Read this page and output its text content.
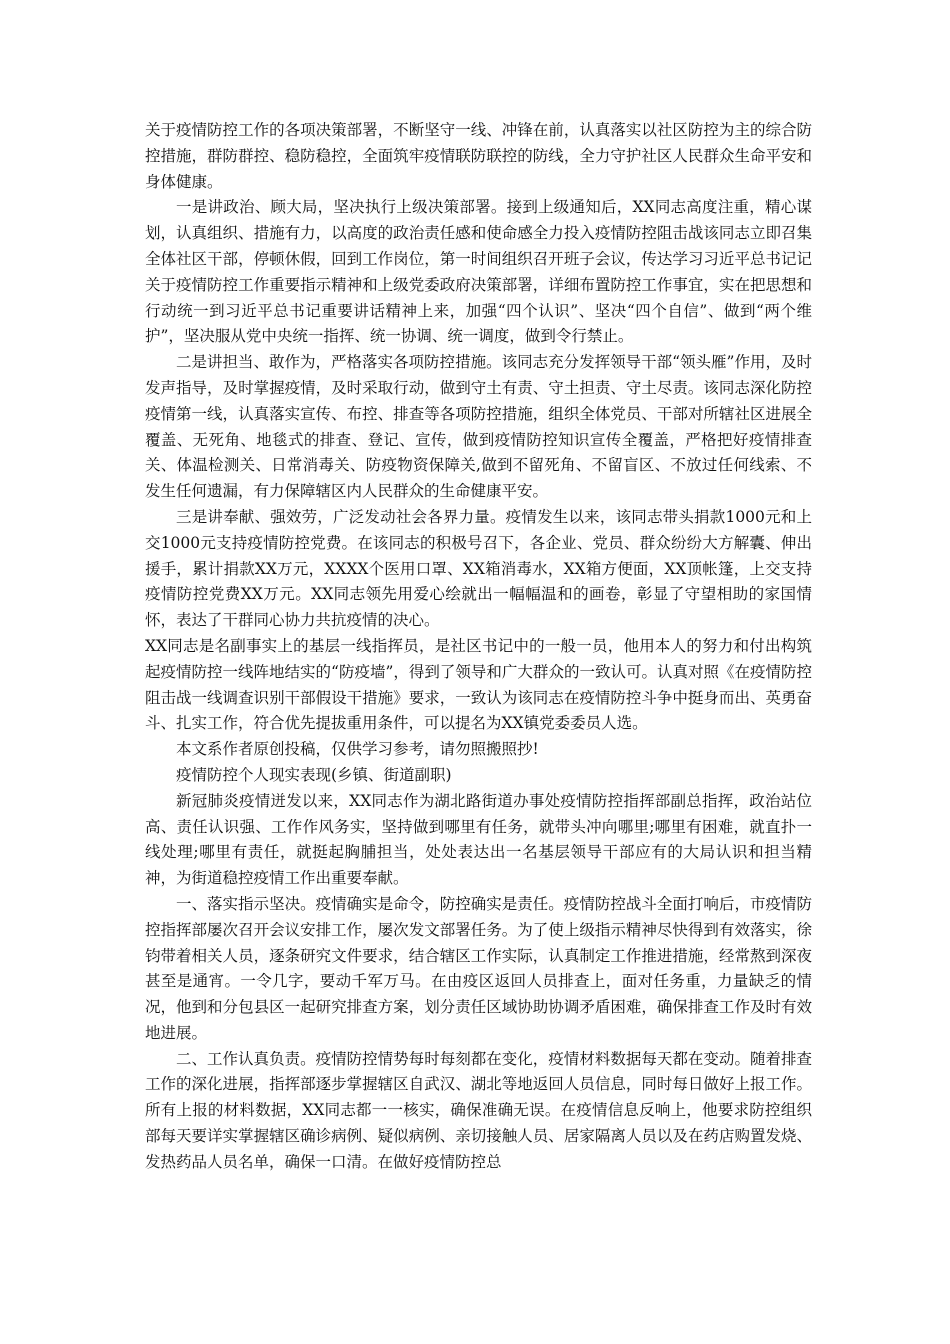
关于疫情防控工作的各项决策部署，不断坚守一线、冲锋在前，认真落实以社区防控为主的综合防控措施，群防群控、稳防稳控，全面筑牢疫情联防联控的防线，全力守护社区人民群众生命平安和身体健康。

一是讲政治、顾大局，坚决执行上级决策部署。接到上级通知后，XX同志高度注重，精心谋划，认真组织、措施有力，以高度的政治责任感和使命感全力投入疫情防控阻击战该同志立即召集全体社区干部，停顿休假，回到工作岗位，第一时间组织召开班子会议，传达学习习近平总书记记关于疫情防控工作重要指示精神和上级党委政府决策部署，详细布置防控工作事宜，实在把思想和行动统一到习近平总书记重要讲话精神上来，加强“四个认识”、坚决“四个自信”、做到“两个维护”，坚决服从党中央统一指挥、统一协调、统一调度，做到令行禁止。

二是讲担当、敢作为，严格落实各项防控措施。该同志充分发挥领导干部“领头雁”作用，及时发声指导，及时掌握疫情，及时采取行动，做到守土有责、守土担责、守土尽责。该同志深化防控疫情第一线，认真落实宣传、布控、排查等各项防控措施，组织全体党员、干部对所辖社区进展全覆盖、无死角、地毯式的排查、登记、宣传，做到疫情防控知识宣传全覆盖，严格把好疫情排查关、体温检测关、日常消毒关、防疫物资保障关,做到不留死角、不留盲区、不放过任何线索、不发生任何遗漏，有力保障辖区内人民群众的生命健康平安。

三是讲奉献、强效劳，广泛发动社会各界力量。疫情发生以来，该同志带头捐款1000元和上交1000元支持疫情防控党费。在该同志的积极号召下，各企业、党员、群众纷纷大方解囊、伸出援手，累计捐款XX万元，XXXX个医用口罩、XX箱消毒水，XX箱方便面，XX顶帐篷，上交支持疫情防控党费XX万元。XX同志领先用爱心绘就出一幅幅温和的画卷，彰显了守望相助的家国情怀，表达了干群同心协力共抗疫情的决心。

XX同志是名副事实上的基层一线指挥员，是社区书记中的一般一员，他用本人的努力和付出构筑起疫情防控一线阵地结实的“防疫墙”，得到了领导和广大群众的一致认可。认真对照《在疫情防控阻击战一线调查识别干部假设干措施》要求，一致认为该同志在疫情防控斗争中挺身而出、英勇奋斗、扎实工作，符合优先提拔重用条件，可以提名为XX镇党委委员人选。

本文系作者原创投稿，仅供学习参考，请勿照搬照抄!

疫情防控个人现实表现(乡镇、街道副职)

新冠肺炎疫情迸发以来，XX同志作为湖北路街道办事处疫情防控指挥部副总指挥，政治站位高、责任认识强、工作作风务实，坚持做到哪里有任务，就带头冲向哪里;哪里有困难，就直扑一线处理;哪里有责任，就挺起胸脯担当，处处表达出一名基层领导干部应有的大局认识和担当精神，为街道稳控疫情工作出重要奉献。

一、落实指示坚决。疫情确实是命令，防控确实是责任。疫情防控战斗全面打响后，市疫情防控指挥部屡次召开会议安排工作，屡次发文部署任务。为了使上级指示精神尽快得到有效落实，徐钧带着相关人员，逐条研究文件要求，结合辖区工作实际，认真制定工作推进措施，经常熬到深夜甚至是通宵。一令几字，要动千军万马。在由疫区返回人员排查上，面对任务重，力量缺乏的情况，他到和分包县区一起研究排查方案，划分责任区域协助协调矛盾困难，确保排查工作及时有效地进展。

二、工作认真负责。疫情防控情势每时每刻都在变化，疫情材料数据每天都在变动。随着排查工作的深化进展，指挥部逐步掌握辖区自武汉、湖北等地返回人员信息，同时每日做好上报工作。所有上报的材料数据，XX同志都一一核实，确保准确无误。在疫情信息反响上，他要求防控组织部每天要详实掌握辖区确诊病例、疑似病例、亲切接触人员、居家隔离人员以及在药店购置发烧、发热药品人员名单，确保一口清。在做好疫情防控总
